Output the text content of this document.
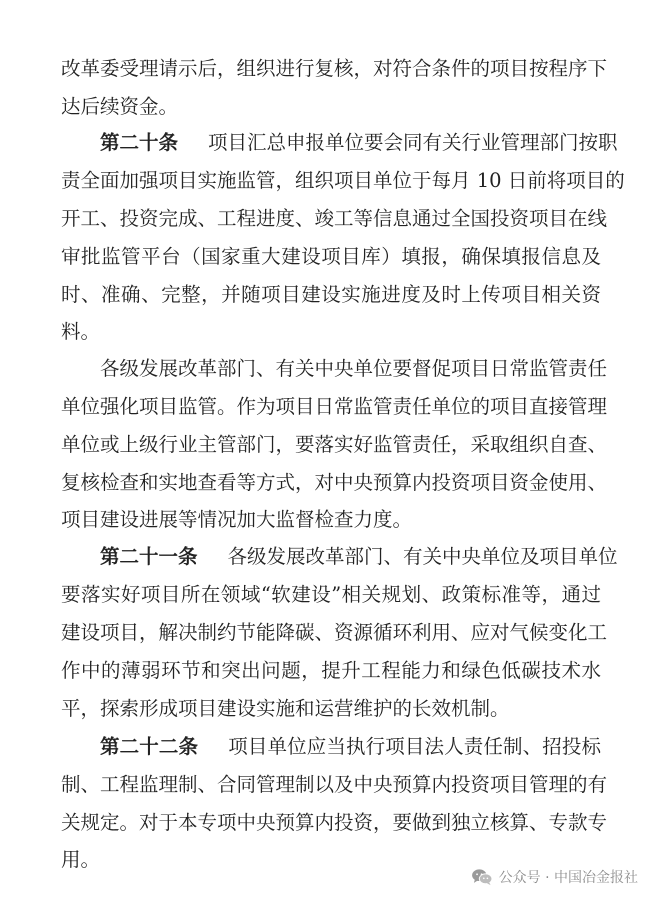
改革委受理请示后，组织进行复核，对符合条件的项目按程序下
达后续资金。
第二十条 项目汇总申报单位要会同有关行业管理部门按职
责全面加强项目实施监管，组织项目单位于每月 10 日前将项目的
开工、投资完成、工程进度、竣工等信息通过全国投资项目在线
审批监管平台（国家重大建设项目库）填报，确保填报信息及
时、准确、完整，并随项目建设实施进度及时上传项目相关资
料。
各级发展改革部门、有关中央单位要督促项目日常监管责任
单位强化项目监管。作为项目日常监管责任单位的项目直接管理
单位或上级行业主管部门，要落实好监管责任，采取组织自查、
复核检查和实地查看等方式，对中央预算内投资项目资金使用、
项目建设进展等情况加大监督检查力度。
第二十一条 各级发展改革部门、有关中央单位及项目单位
要落实好项目所在领域“软建设”相关规划、政策标准等，通过
建设项目，解决制约节能降碳、资源循环利用、应对气候变化工
作中的薄弱环节和突出问题，提升工程能力和绿色低碳技术水
平，探索形成项目建设实施和运营维护的长效机制。
第二十二条 项目单位应当执行项目法人责任制、招投标
制、工程监理制、合同管理制以及中央预算内投资项目管理的有
关规定。对于本专项中央预算内投资，要做到独立核算、专款专
用。
公众号 · 中国冶金报社
